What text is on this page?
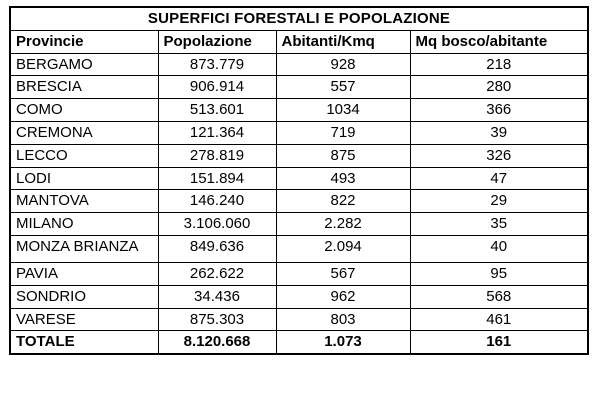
SUPERFICI FORESTALI E POPOLAZIONE			
Provincie	Popolazione	Abitanti/Kmq	Mq bosco/abitante
BERGAMO	873.779	928	218
BRESCIA	906.914	557	280
COMO	513.601	1034	366
CREMONA	121.364	719	39
LECCO	278.819	875	326
LODI	151.894	493	47
MANTOVA	146.240	822	29
MILANO	3.106.060	2.282	35
MONZA BRIANZA	849.636	2.094	40
PAVIA	262.622	567	95
SONDRIO	34.436	962	568
VARESE	875.303	803	461
TOTALE	8.120.668	1.073	161
